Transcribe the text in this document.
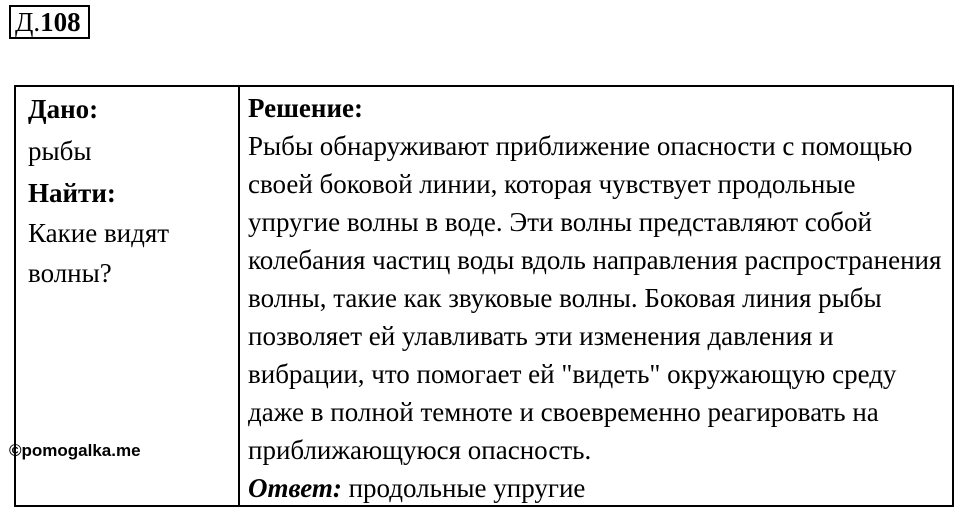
Д.108
Дано:
рыбы
Найти:
Какие видят волны?
Решение:

Рыбы обнаруживают приближение опасности с помощью своей боковой линии, которая чувствует продольные упругие волны в воде. Эти волны представляют собой колебания частиц воды вдоль направления распространения волны, такие как звуковые волны. Боковая линия рыбы позволяет ей улавливать эти изменения давления и вибрации, что помогает ей "видеть" окружающую среду даже в полной темноте и своевременно реагировать на приближающуюся опасность.

Ответ: продольные упругие
©pomogalka.me
